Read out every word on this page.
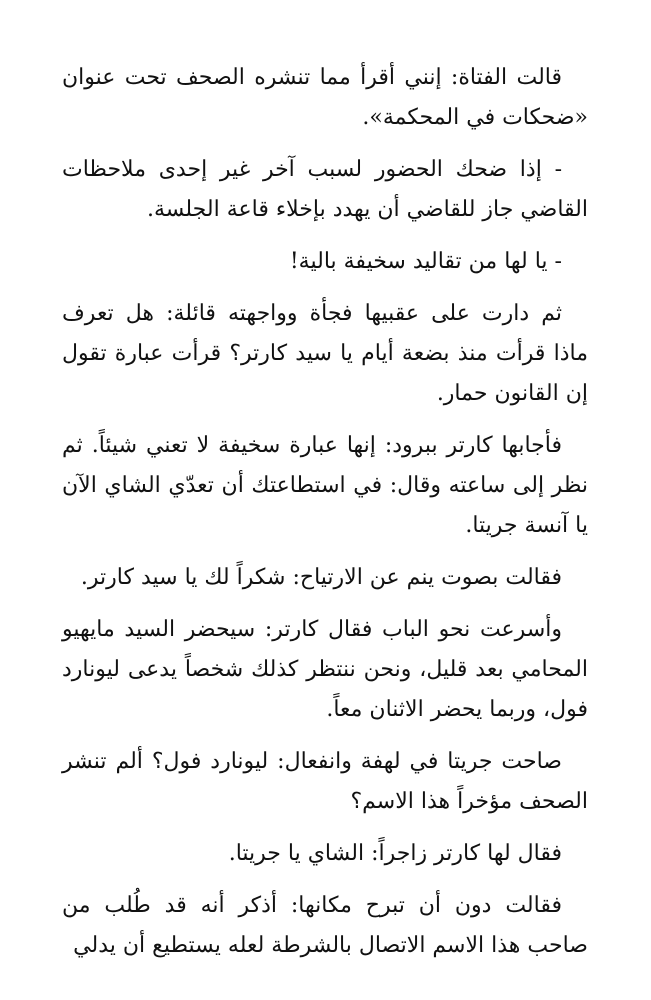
قالت الفتاة: إنني أقرأ مما تنشره الصحف تحت عنوان «ضحكات في المحكمة».

- إذا ضحك الحضور لسبب آخر غير إحدى ملاحظات القاضي جاز للقاضي أن يهدد بإخلاء قاعة الجلسة.

- يا لها من تقاليد سخيفة بالية!

ثم دارت على عقبيها فجأة وواجهته قائلة: هل تعرف ماذا قرأت منذ بضعة أيام يا سيد كارتر؟ قرأت عبارة تقول إن القانون حمار.

فأجابها كارتر ببرود: إنها عبارة سخيفة لا تعني شيئاً. ثم نظر إلى ساعته وقال: في استطاعتك أن تعدّي الشاي الآن يا آنسة جريتا.

فقالت بصوت ينم عن الارتياح: شكراً لك يا سيد كارتر.

وأسرعت نحو الباب فقال كارتر: سيحضر السيد مايهيو المحامي بعد قليل، ونحن ننتظر كذلك شخصاً يدعى ليونارد فول، وربما يحضر الاثنان معاً.

صاحت جريتا في لهفة وانفعال: ليونارد فول؟ ألم تنشر الصحف مؤخراً هذا الاسم؟

فقال لها كارتر زاجراً: الشاي يا جريتا.

فقالت دون أن تبرح مكانها: أذكر أنه قد طُلب من صاحب هذا الاسم الاتصال بالشرطة لعله يستطيع أن يدلي
